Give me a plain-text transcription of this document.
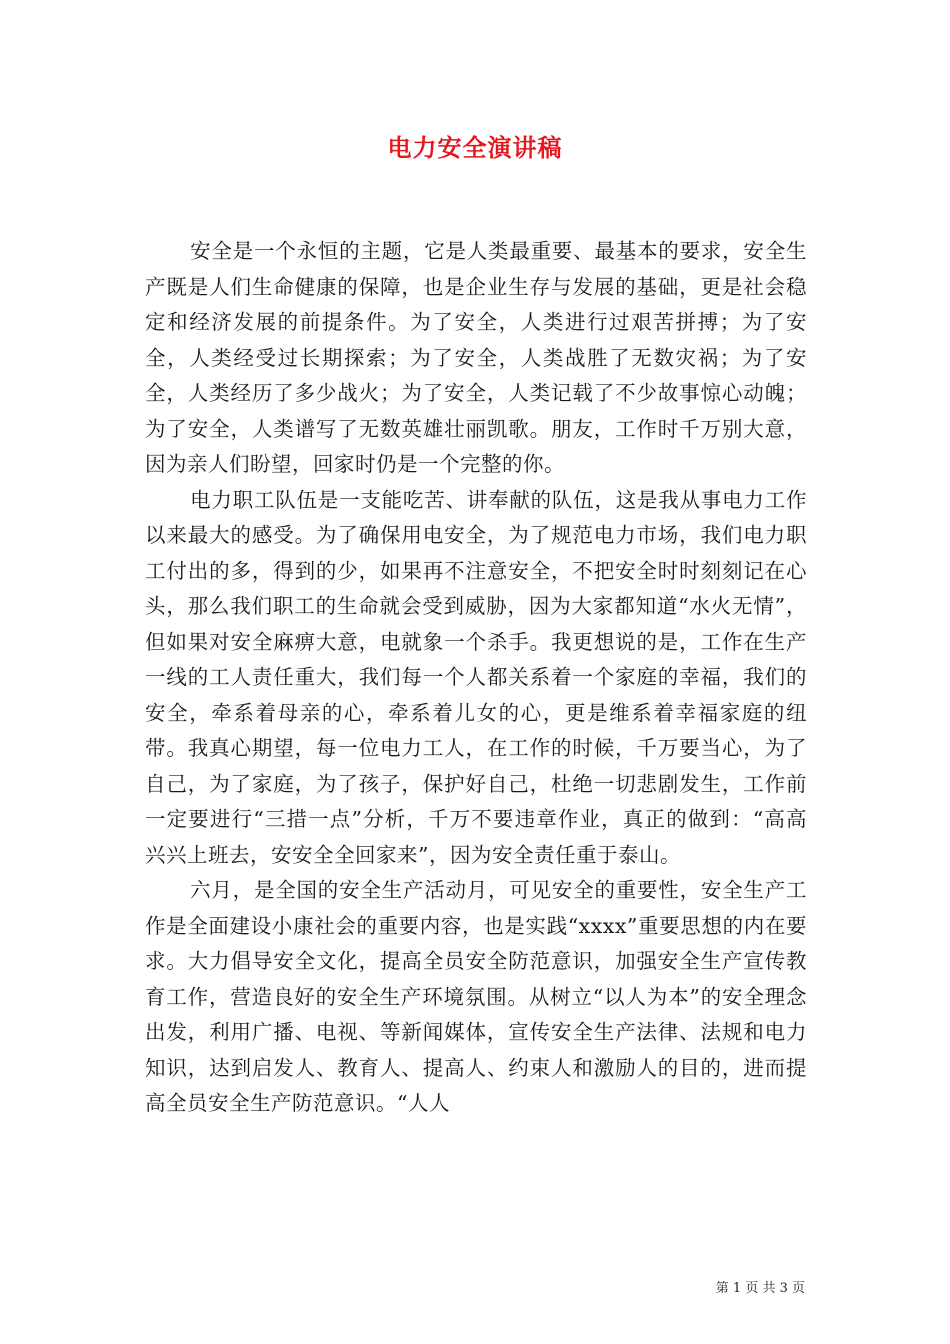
电力安全演讲稿

安全是一个永恒的主题，它是人类最重要、最基本的要求，安全生产既是人们生命健康的保障，也是企业生存与发展的基础，更是社会稳定和经济发展的前提条件。为了安全，人类进行过艰苦拼搏；为了安全，人类经受过长期探索；为了安全，人类战胜了无数灾祸；为了安全，人类经历了多少战火；为了安全，人类记载了不少故事惊心动魄；为了安全，人类谱写了无数英雄壮丽凯歌。朋友，工作时千万别大意，因为亲人们盼望，回家时仍是一个完整的你。

电力职工队伍是一支能吃苦、讲奉献的队伍，这是我从事电力工作以来最大的感受。为了确保用电安全，为了规范电力市场，我们电力职工付出的多，得到的少，如果再不注意安全，不把安全时时刻刻记在心头，那么我们职工的生命就会受到威胁，因为大家都知道“水火无情”，但如果对安全麻痹大意，电就象一个杀手。我更想说的是，工作在生产一线的工人责任重大，我们每一个人都关系着一个家庭的幸福，我们的安全，牵系着母亲的心，牵系着儿女的心，更是维系着幸福家庭的纽带。我真心期望，每一位电力工人，在工作的时候，千万要当心，为了自己，为了家庭，为了孩子，保护好自己，杜绝一切悲剧发生，工作前一定要进行“三措一点”分析，千万不要违章作业，真正的做到：“高高兴兴上班去，安安全全回家来”，因为安全责任重于泰山。

六月，是全国的安全生产活动月，可见安全的重要性，安全生产工作是全面建设小康社会的重要内容，也是实践“xxxx”重要思想的内在要求。大力倡导安全文化，提高全员安全防范意识，加强安全生产宣传教育工作，营造良好的安全生产环境氛围。从树立“以人为本”的安全理念出发，利用广播、电视、等新闻媒体，宣传安全生产法律、法规和电力知识，达到启发人、教育人、提高人、约束人和激励人的目的，进而提高全员安全生产防范意识。“人人

第 1 页 共 3 页
